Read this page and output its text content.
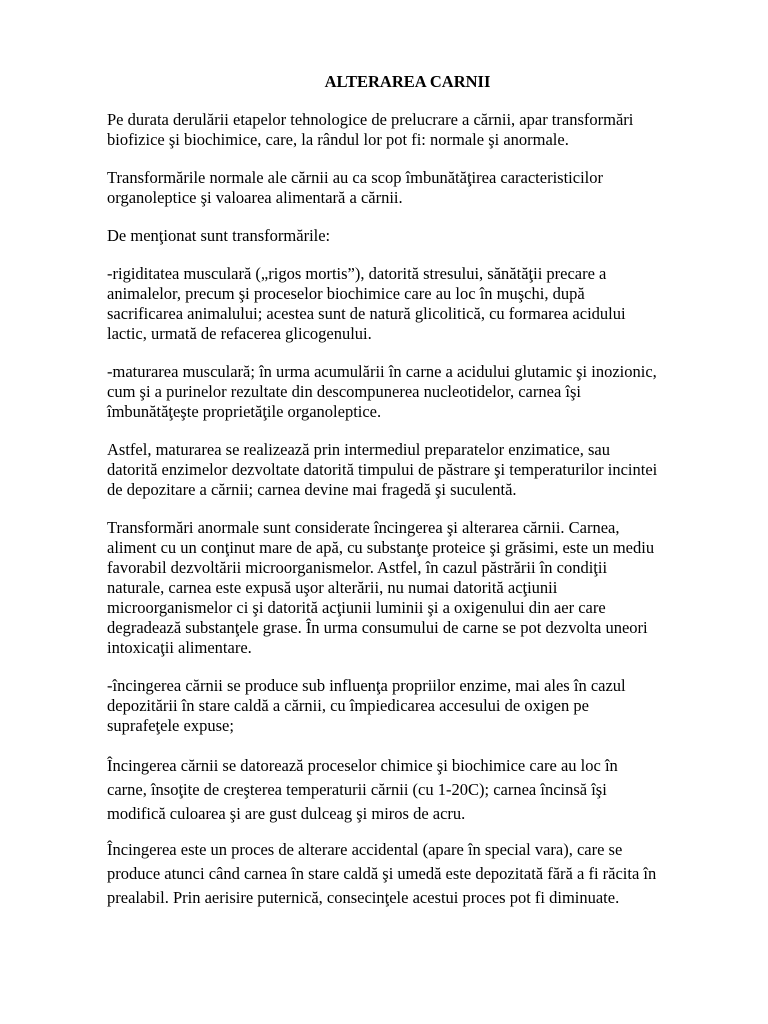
ALTERAREA CARNII

Pe durata derulării etapelor tehnologice de prelucrare a cărnii, apar transformări
biofizice şi biochimice, care, la rândul lor pot fi: normale şi anormale.

Transformările normale ale cărnii au ca scop îmbunătăţirea caracteristicilor
organoleptice şi valoarea alimentară a cărnii.

De menţionat sunt transformările:

-rigiditatea musculară („rigos mortis”), datorită stresului, sănătăţii precare a
animalelor, precum şi proceselor biochimice care au loc în muşchi, după
sacrificarea animalului; acestea sunt de natură glicolitică, cu formarea acidului
lactic, urmată de refacerea glicogenului.

-maturarea musculară; în urma acumulării în carne a acidului glutamic şi inozionic,
cum şi a purinelor rezultate din descompunerea nucleotidelor, carnea îşi
îmbunătăţeşte proprietăţile organoleptice.

Astfel, maturarea se realizează prin intermediul preparatelor enzimatice, sau
datorită enzimelor dezvoltate datorită timpului de păstrare şi temperaturilor incintei
de depozitare a cărnii; carnea devine mai fragedă şi suculentă.

Transformări anormale sunt considerate încingerea şi alterarea cărnii. Carnea,
aliment cu un conţinut mare de apă, cu substanţe proteice şi grăsimi, este un mediu
favorabil dezvoltării microorganismelor. Astfel, în cazul păstrării în condiţii
naturale, carnea este expusă uşor alterării, nu numai datorită acţiunii
microorganismelor ci şi datorită acţiunii luminii şi a oxigenului din aer care
degradează substanţele grase. În urma consumului de carne se pot dezvolta uneori
intoxicaţii alimentare.

-încingerea cărnii se produce sub influenţa propriilor enzime, mai ales în cazul
depozitării în stare caldă a cărnii, cu împiedicarea accesului de oxigen pe
suprafeţele expuse;

Încingerea cărnii se datorează proceselor chimice şi biochimice care au loc în
carne, însoţite de creşterea temperaturii cărnii (cu 1-20C); carnea încinsă îşi
modifică culoarea şi are gust dulceag şi miros de acru.

Încingerea este un proces de alterare accidental (apare în special vara), care se
produce atunci când carnea în stare caldă şi umedă este depozitată fără a fi răcita în
prealabil. Prin aerisire puternică, consecinţele acestui proces pot fi diminuate.
